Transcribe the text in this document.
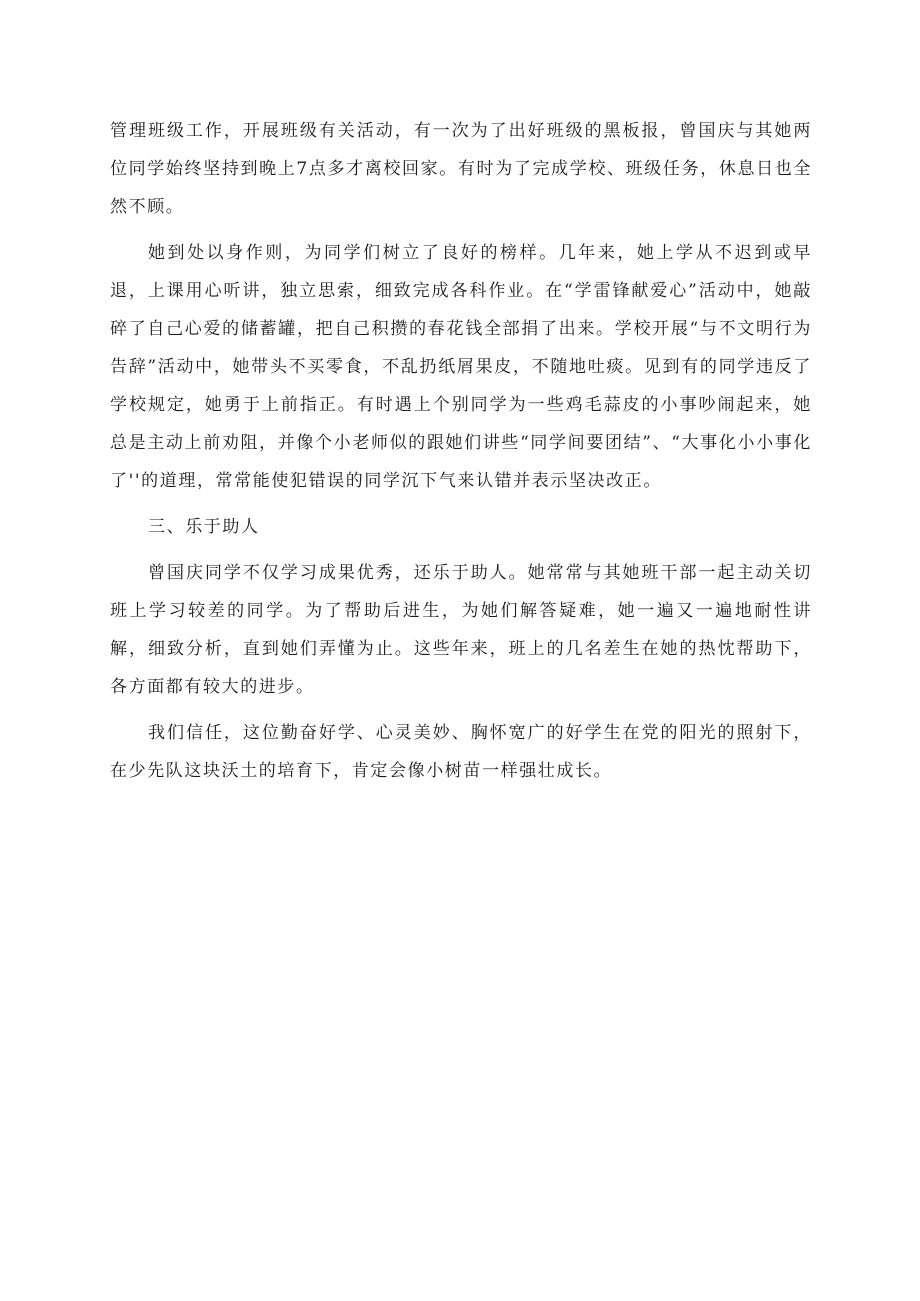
管理班级工作，开展班级有关活动，有一次为了出好班级的黑板报，曾国庆与其她两位同学始终坚持到晚上7点多才离校回家。有时为了完成学校、班级任务，休息日也全然不顾。

她到处以身作则，为同学们树立了良好的榜样。几年来，她上学从不迟到或早退，上课用心听讲，独立思索，细致完成各科作业。在“学雷锋献爱心”活动中，她敲碎了自己心爱的储蓄罐，把自己积攒的春花钱全部捐了出来。学校开展“与不文明行为告辞”活动中，她带头不买零食，不乱扔纸屑果皮，不随地吐痰。见到有的同学违反了学校规定，她勇于上前指正。有时遇上个别同学为一些鸡毛蒜皮的小事吵闹起来，她总是主动上前劝阻，并像个小老师似的跟她们讲些“同学间要团结”、“大事化小小事化了''的道理，常常能使犯错误的同学沉下气来认错并表示坚决改正。

三、乐于助人

曾国庆同学不仅学习成果优秀，还乐于助人。她常常与其她班干部一起主动关切班上学习较差的同学。为了帮助后进生，为她们解答疑难，她一遍又一遍地耐性讲解，细致分析，直到她们弄懂为止。这些年来，班上的几名差生在她的热忱帮助下，各方面都有较大的进步。

我们信任，这位勤奋好学、心灵美妙、胸怀宽广的好学生在党的阳光的照射下，在少先队这块沃土的培育下，肯定会像小树苗一样强壮成长。
